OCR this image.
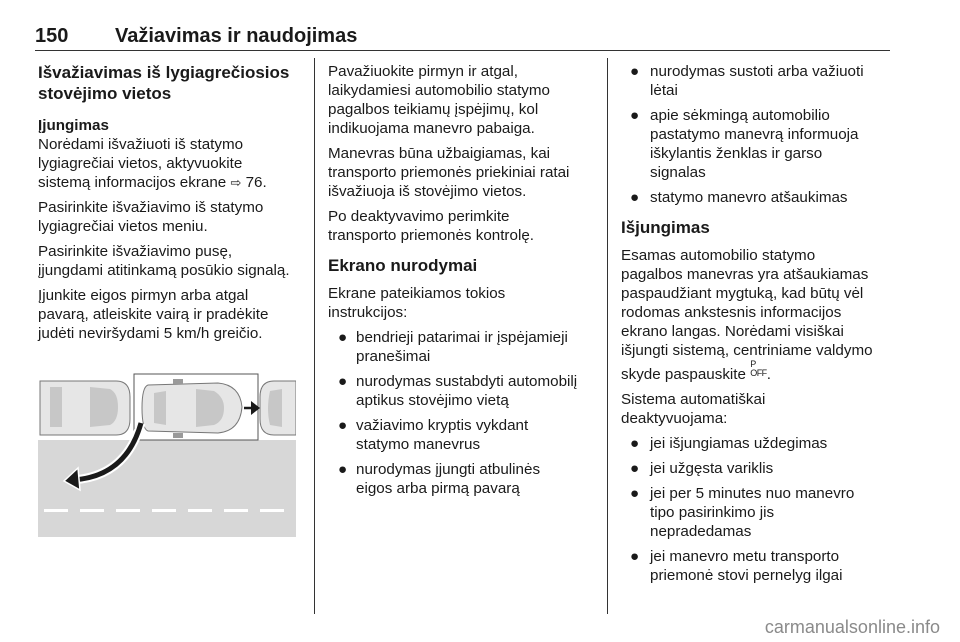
150 Važiavimas ir naudojimas
Išvažiavimas iš lygiagrečiosios
stovėjimo vietos
Įjungimas

Norėdami išvažiuoti iš statymo
lygiagrečiai vietos, aktyvuokite
sistemą informacijos ekrane ⇨ 76.

Pasirinkite išvažiavimo iš statymo
lygiagrečiai vietos meniu.

Pasirinkite išvažiavimo pusę,
įjungdami atitinkamą posūkio signalą.

Įjunkite eigos pirmyn arba atgal
pavarą, atleiskite vairą ir pradėkite
judėti neviršydami 5 km/h greičio.

Pavažiuokite pirmyn ir atgal,
laikydamiesi automobilio statymo
pagalbos teikiamų įspėjimų, kol
indikuojama manevro pabaiga.

Manevras būna užbaigiamas, kai
transporto priemonės priekiniai ratai
išvažiuoja iš stovėjimo vietos.

Po deaktyvavimo perimkite
transporto priemonės kontrolę.

Ekrano nurodymai

Ekrane pateikiamos tokios
instrukcijos:

● bendrieji patarimai ir įspėjamieji
pranešimai
● nurodymas sustabdyti automobilį
aptikus stovėjimo vietą
● važiavimo kryptis vykdant
statymo manevrus
● nurodymas įjungti atbulinės
eigos arba pirmą pavarą
● nurodymas sustoti arba važiuoti
lėtai
● apie sėkmingą automobilio
pastatymo manevrą informuoja
iškylantis ženklas ir garso
signalas
● statymo manevro atšaukimas
Išjungimas

Esamas automobilio statymo
pagalbos manevras yra atšaukiamas
paspaudžiant mygtuką, kad būtų vėl
rodomas ankstesnis informacijos
ekrano langas. Norėdami visiškai
išjungti sistemą, centriniame valdymo
skyde paspauskite P
OFF.

Sistema automatiškai
deaktyvuojama:

● jei išjungiamas uždegimas
● jei užgęsta variklis
● jei per 5 minutes nuo manevro
tipo pasirinkimo jis
nepradedamas
● jei manevro metu transporto
priemonė stovi pernelyg ilgai
carmanualsonline.info
